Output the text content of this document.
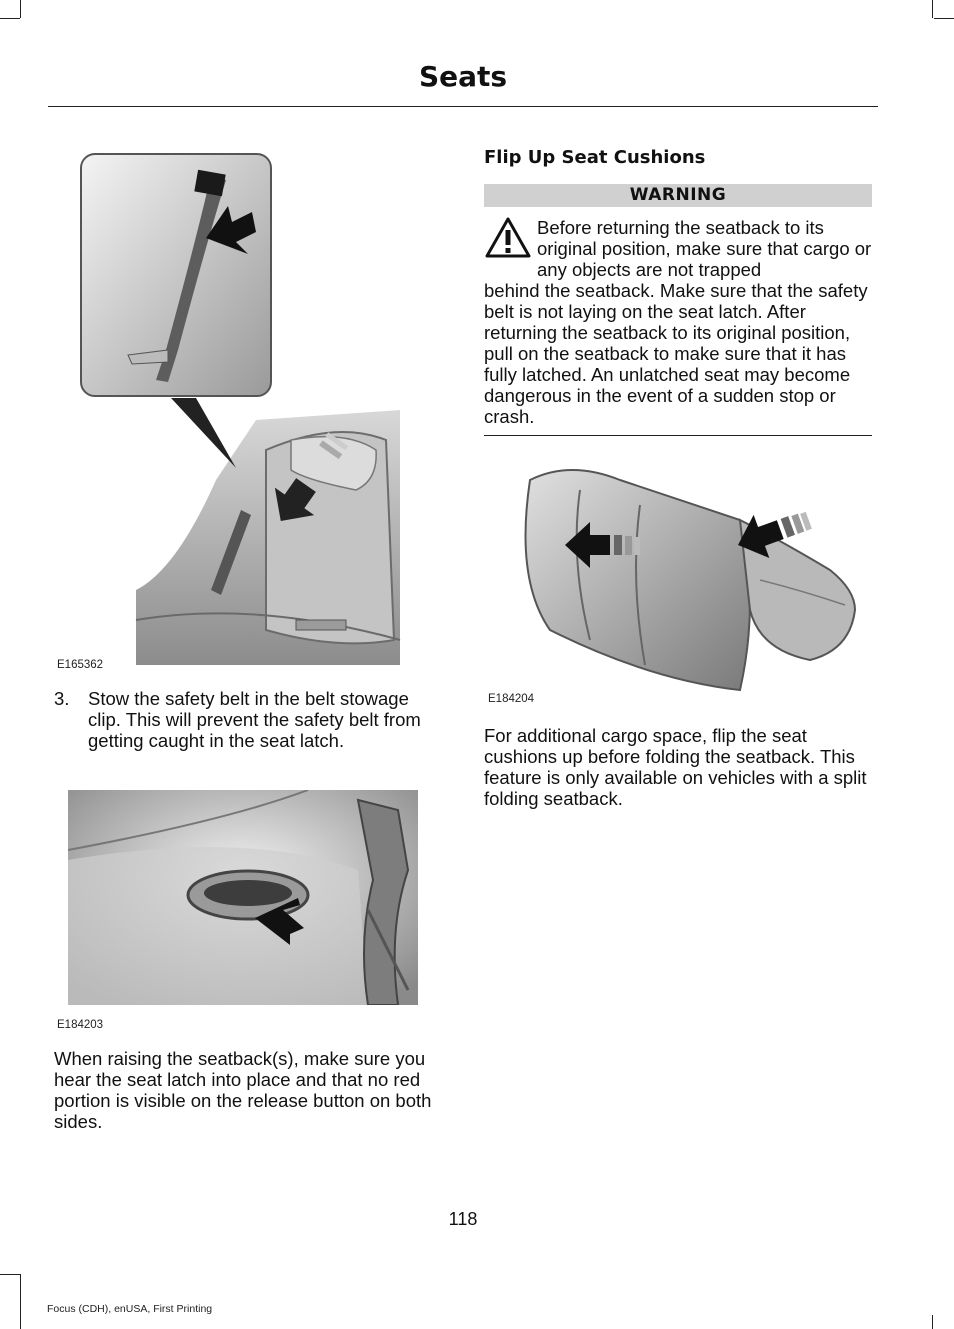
Seats
E165362
3. Stow the safety belt in the belt stowage clip. This will prevent the safety belt from getting caught in the seat latch.
E184203
When raising the seatback(s), make sure you hear the seat latch into place and that no red portion is visible on the release button on both sides.
Flip Up Seat Cushions
WARNING
Before returning the seatback to its original position, make sure that cargo or any objects are not trapped
behind the seatback. Make sure that the safety belt is not laying on the seat latch. After returning the seatback to its original position, pull on the seatback to make sure that it has fully latched. An unlatched seat may become dangerous in the event of a sudden stop or crash.
E184204
For additional cargo space, flip the seat cushions up before folding the seatback. This feature is only available on vehicles with a split folding seatback.
118
Focus (CDH), enUSA, First Printing
